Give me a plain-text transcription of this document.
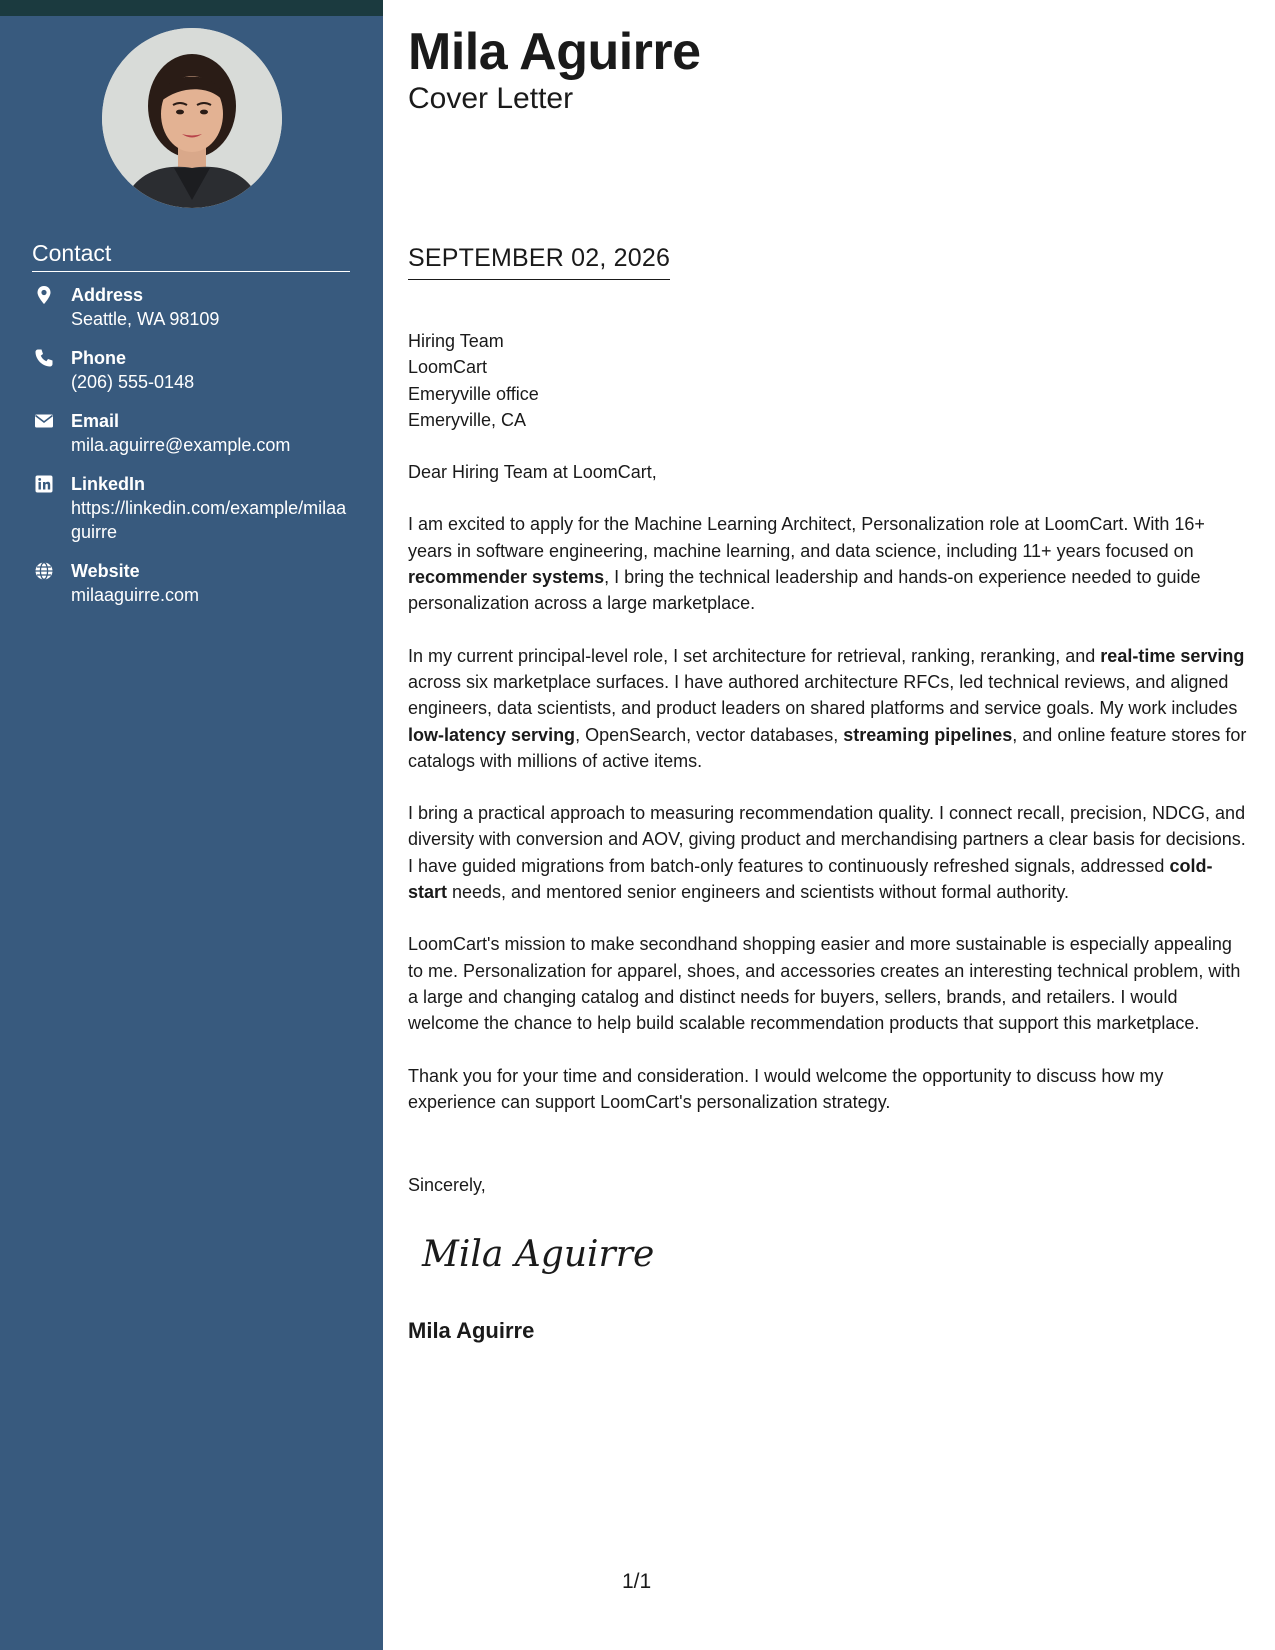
Contact
Address
Seattle, WA 98109
Phone
(206) 555-0148
Email
mila.aguirre@example.com
LinkedIn
https://linkedin.com/example/milaaguirre
Website
milaaguirre.com
Mila Aguirre
Cover Letter
SEPTEMBER 02, 2026

Hiring Team
LoomCart
Emeryville office
Emeryville, CA

Dear Hiring Team at LoomCart,

I am excited to apply for the Machine Learning Architect, Personalization role at LoomCart. With 16+ years in software engineering, machine learning, and data science, including 11+ years focused on recommender systems, I bring the technical leadership and hands-on experience needed to guide personalization across a large marketplace.

In my current principal-level role, I set architecture for retrieval, ranking, reranking, and real-time serving across six marketplace surfaces. I have authored architecture RFCs, led technical reviews, and aligned engineers, data scientists, and product leaders on shared platforms and service goals. My work includes low-latency serving, OpenSearch, vector databases, streaming pipelines, and online feature stores for catalogs with millions of active items.

I bring a practical approach to measuring recommendation quality. I connect recall, precision, NDCG, and diversity with conversion and AOV, giving product and merchandising partners a clear basis for decisions. I have guided migrations from batch-only features to continuously refreshed signals, addressed cold-start needs, and mentored senior engineers and scientists without formal authority.

LoomCart's mission to make secondhand shopping easier and more sustainable is especially appealing to me. Personalization for apparel, shoes, and accessories creates an interesting technical problem, with a large and changing catalog and distinct needs for buyers, sellers, brands, and retailers. I would welcome the chance to help build scalable recommendation products that support this marketplace.

Thank you for your time and consideration. I would welcome the opportunity to discuss how my experience can support LoomCart's personalization strategy.

Sincerely,
Mila Aguirre
Mila Aguirre
1/1
